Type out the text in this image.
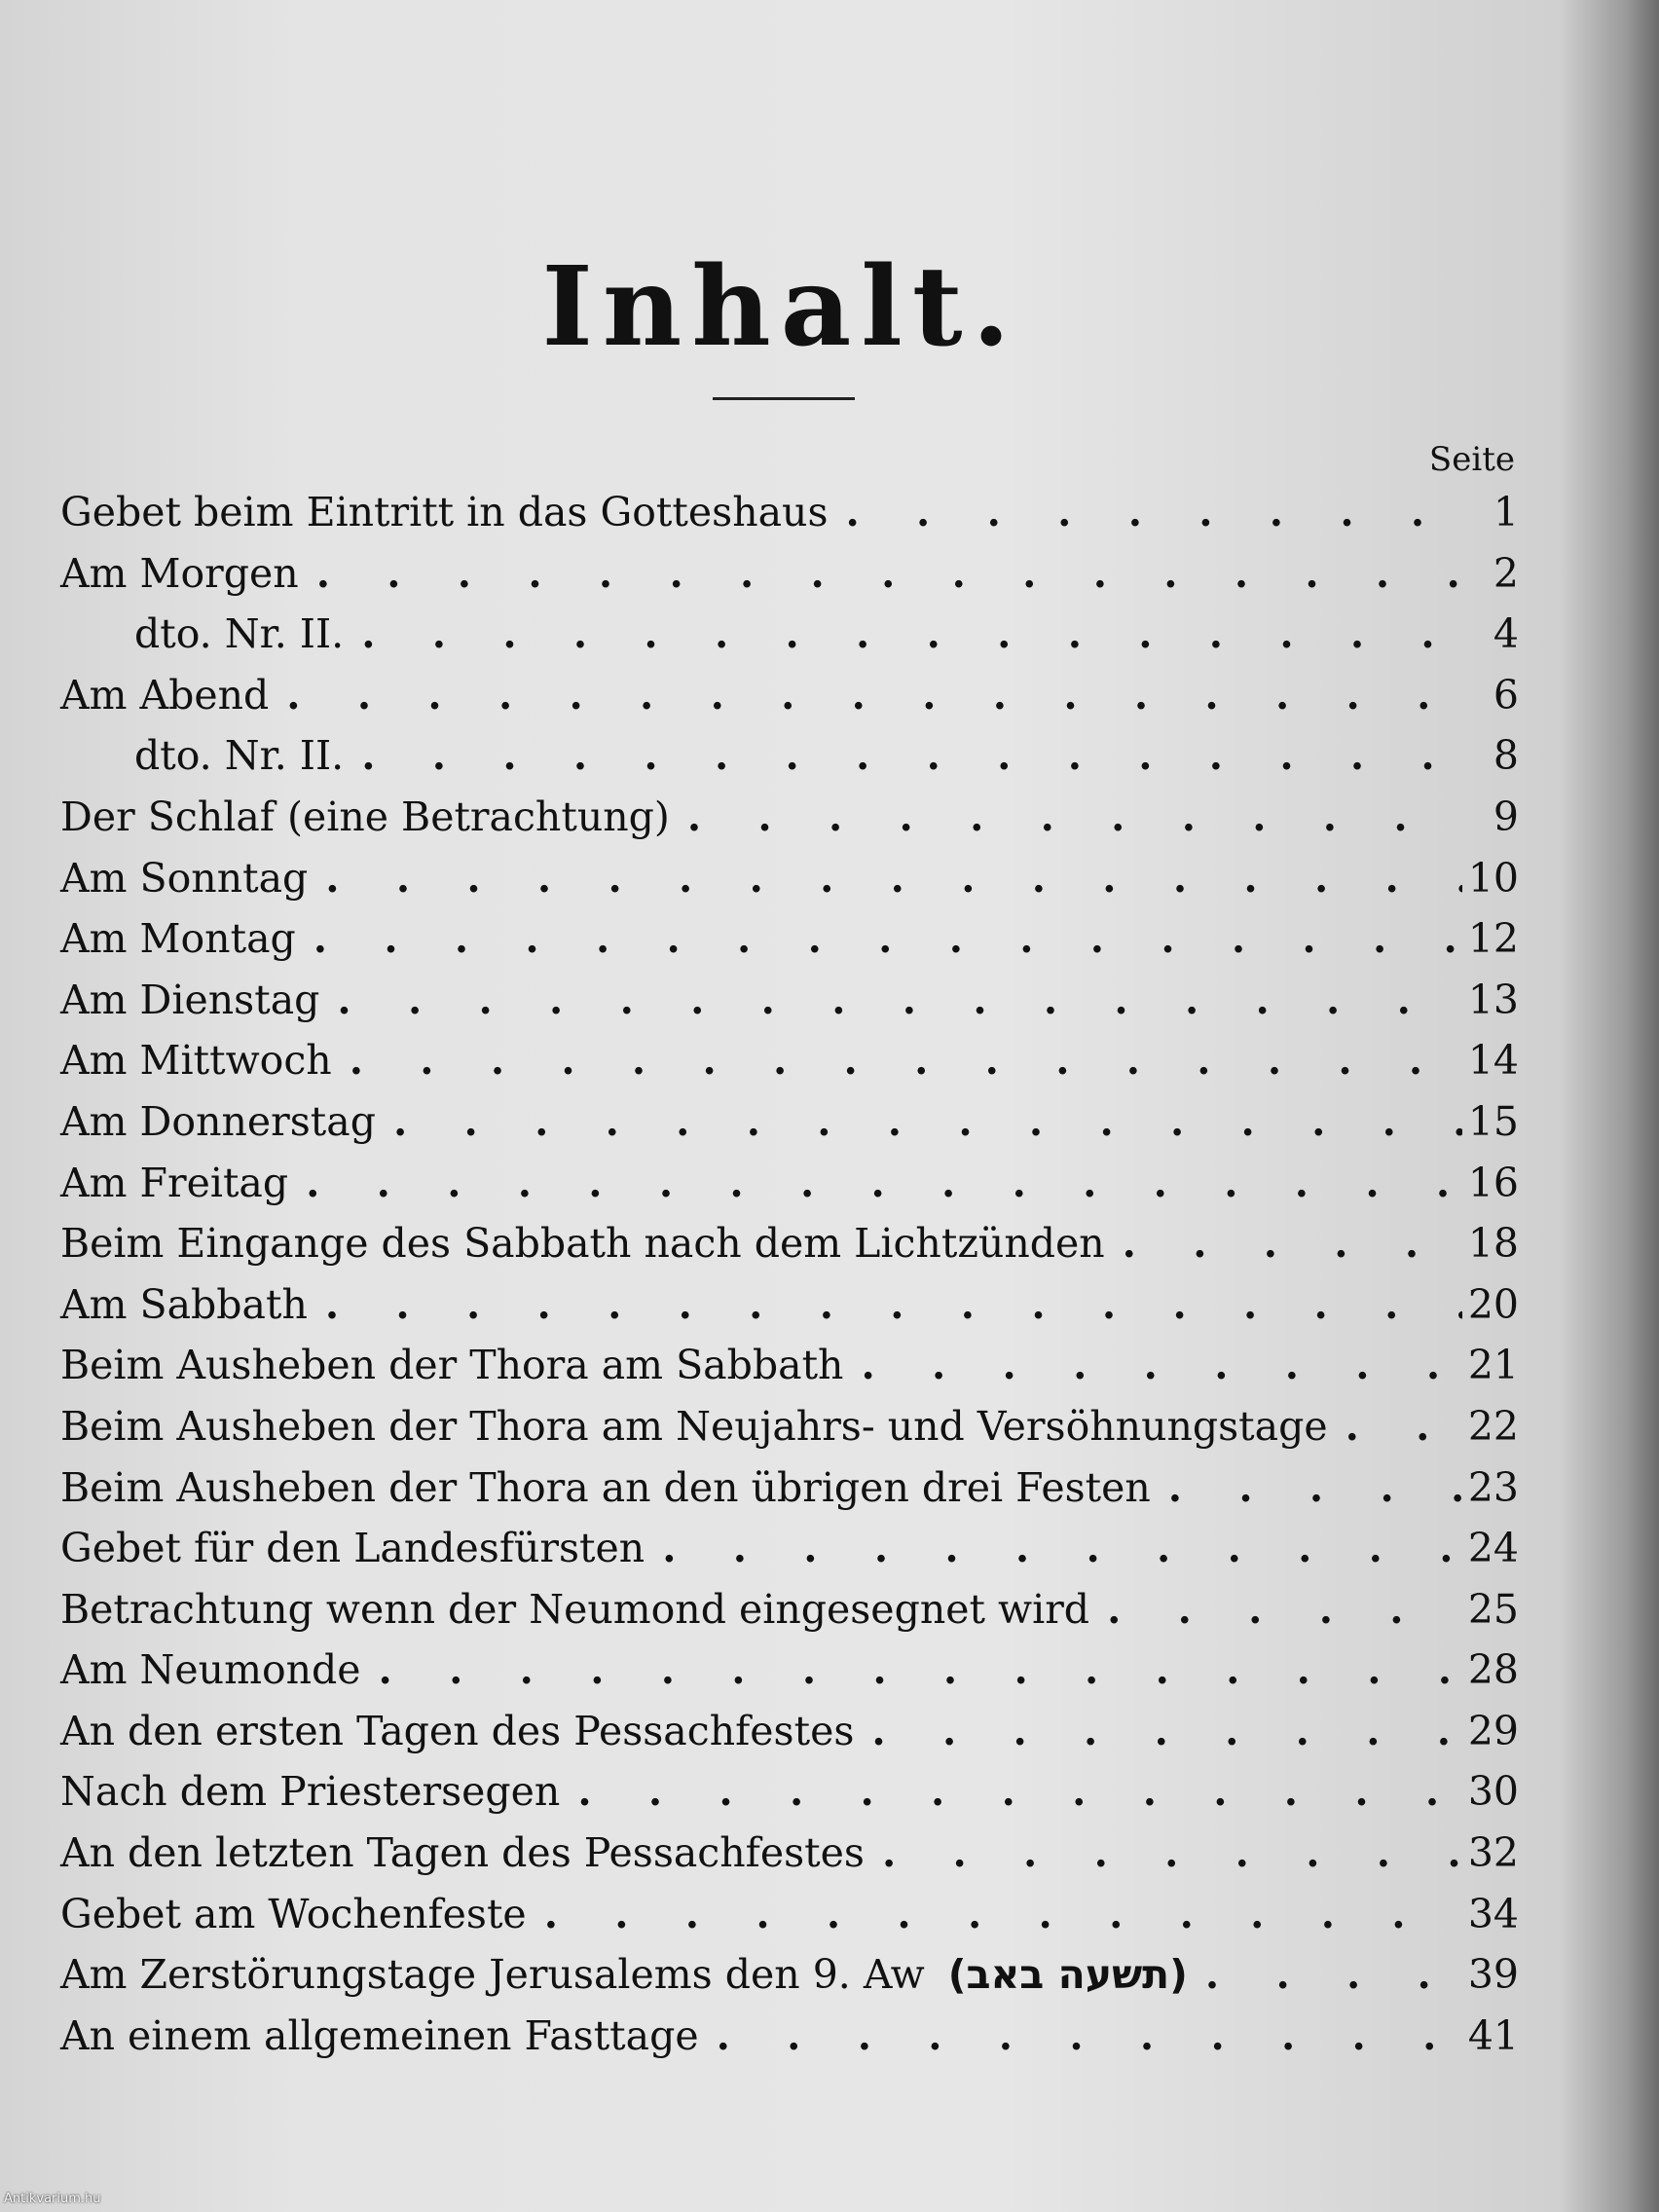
Inhalt.
Seite
Gebet beim Eintritt in das Gotteshaus . . .	1
Am Morgen . . .	2
dto. Nr. II. . . .	4
Am Abend . . .	6
dto. Nr. II. . . .	8
Der Schlaf (eine Betrachtung) . . .	9
Am Sonntag . . .	10
Am Montag . . .	12
Am Dienstag . . .	13
Am Mittwoch . . .	14
Am Donnerstag . . .	15
Am Freitag . . .	16
Beim Eingange des Sabbath nach dem Lichtzünden . . .	18
Am Sabbath . . .	20
Beim Ausheben der Thora am Sabbath . . .	21
Beim Ausheben der Thora am Neujahrs- und Versöhnungstage . . .	22
Beim Ausheben der Thora an den übrigen drei Festen . . .	23
Gebet für den Landesfürsten . . .	24
Betrachtung wenn der Neumond eingesegnet wird . . .	25
Am Neumonde . . .	28
An den ersten Tagen des Pessachfestes . . .	29
Nach dem Priestersegen . . .	30
An den letzten Tagen des Pessachfestes . . .	32
Gebet am Wochenfeste . . .	34
Am Zerstörungstage Jerusalems den 9. Aw (תשעה באב) . . .	39
An einem allgemeinen Fasttage . . .	41
Antikvarium.hu
